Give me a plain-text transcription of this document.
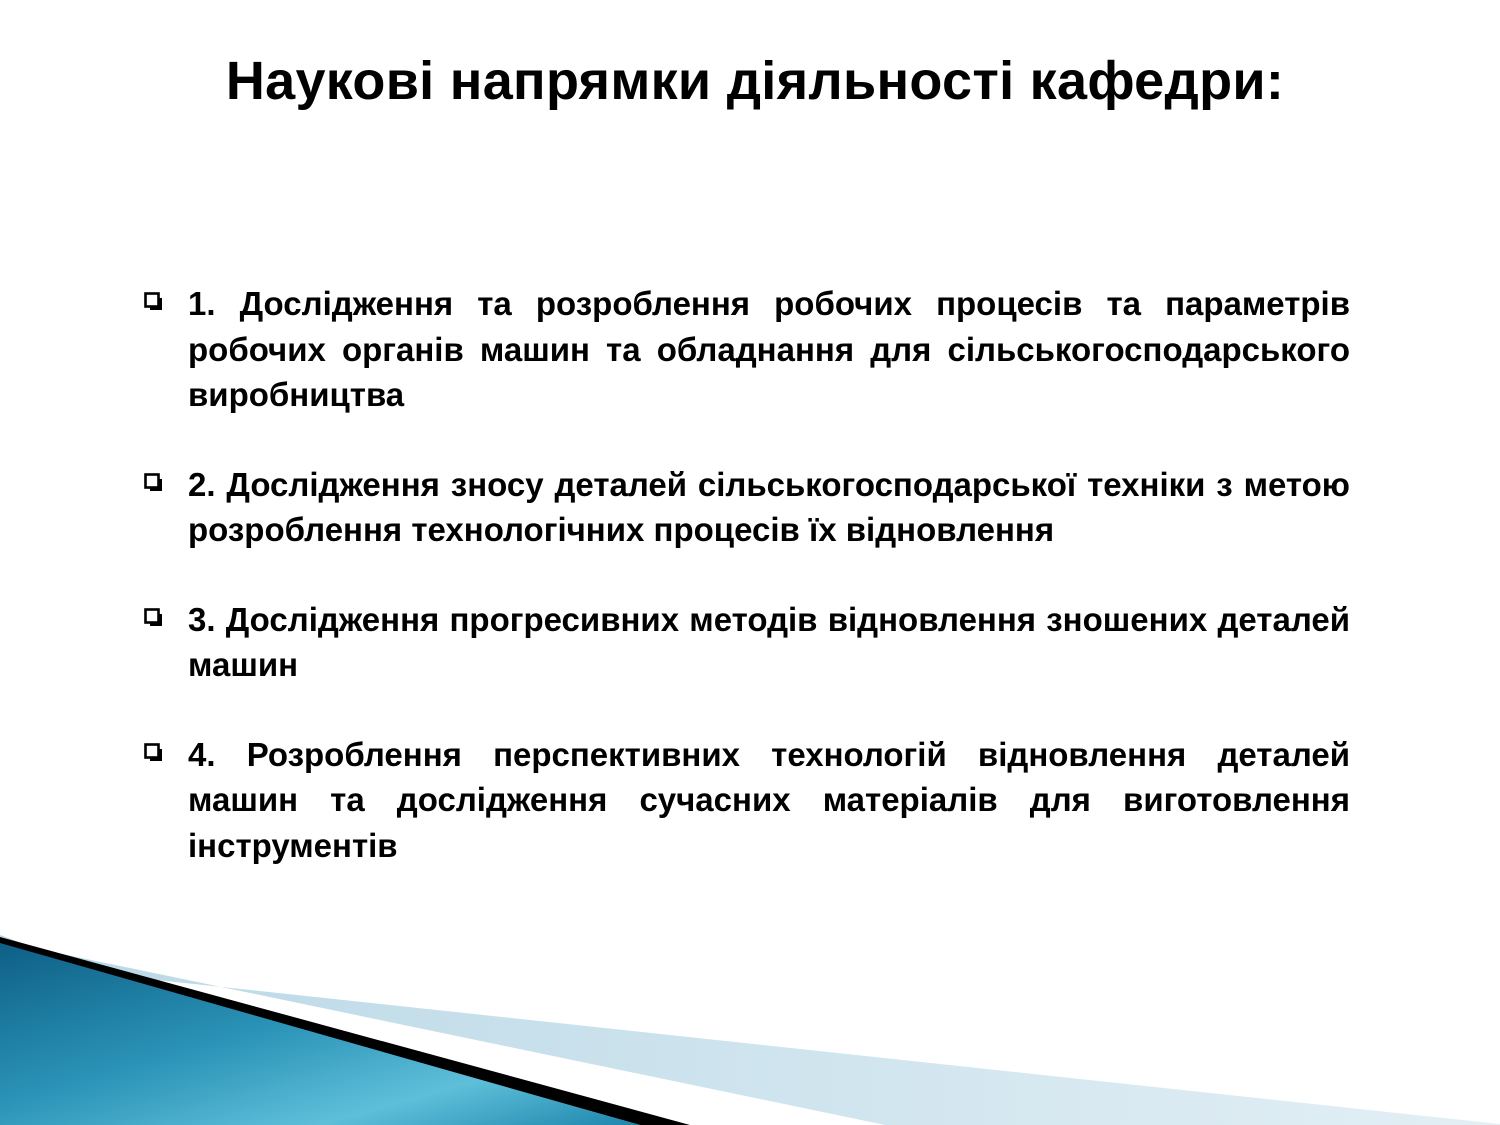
Наукові напрямки діяльності кафедри:
1. Дослідження та розроблення робочих процесів та параметрів робочих органів машин та обладнання для сільськогосподарського виробництва
2. Дослідження зносу деталей сільськогосподарської техніки з метою розроблення технологічних процесів їх відновлення
3. Дослідження прогресивних методів відновлення зношених деталей машин
4. Розроблення перспективних технологій відновлення деталей машин та дослідження сучасних матеріалів для виготовлення інструментів
